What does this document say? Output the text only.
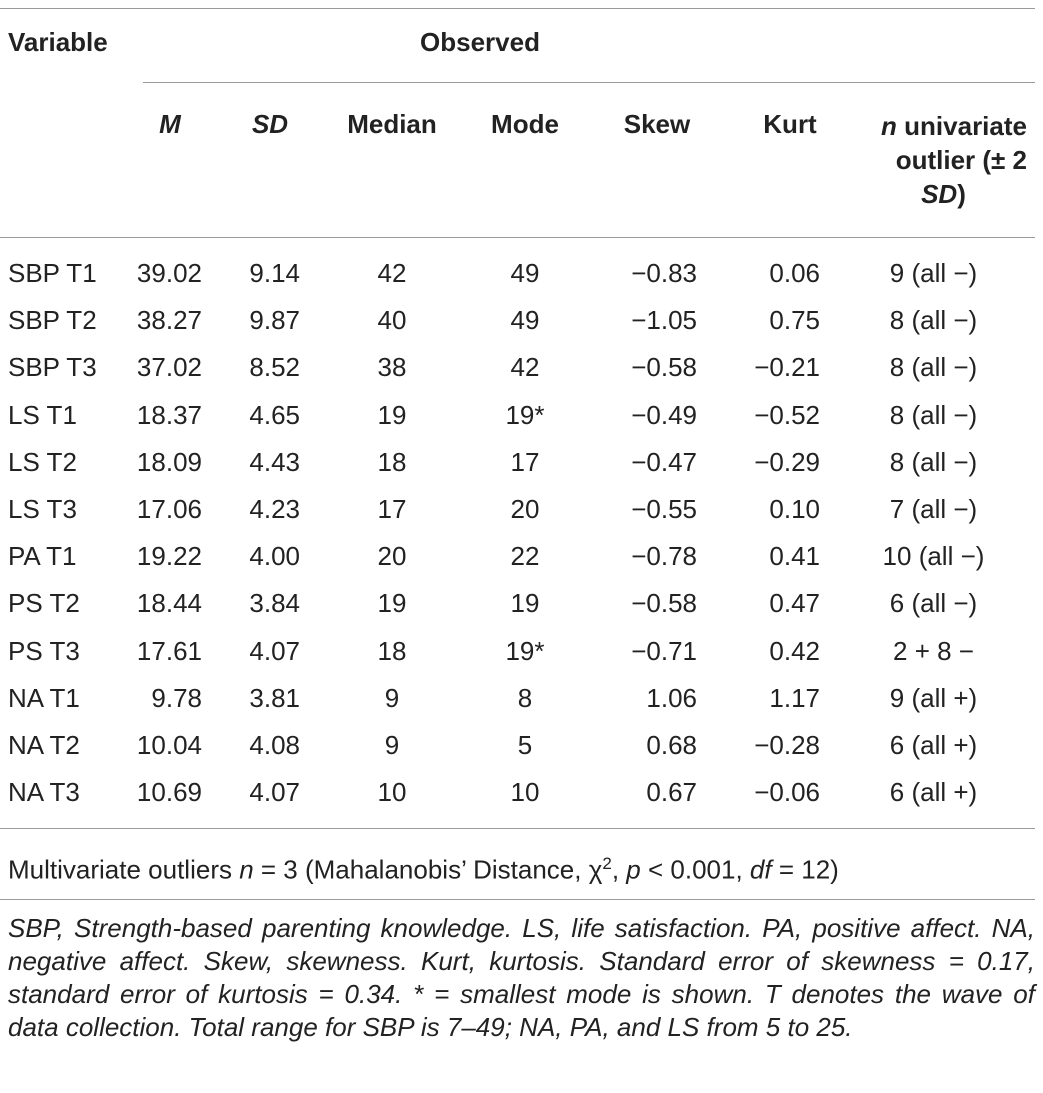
Variable	Observed
M	SD	Median	Mode	Skew	Kurt	n univariate
outlier (± 2
SD)
SBP T1	39.02	9.14	42	49	−0.83	0.06	9 (all −)
SBP T2	38.27	9.87	40	49	−1.05	0.75	8 (all −)
SBP T3	37.02	8.52	38	42	−0.58	−0.21	8 (all −)
LS T1	18.37	4.65	19	19*	−0.49	−0.52	8 (all −)
LS T2	18.09	4.43	18	17	−0.47	−0.29	8 (all −)
LS T3	17.06	4.23	17	20	−0.55	0.10	7 (all −)
PA T1	19.22	4.00	20	22	−0.78	0.41	10 (all −)
PS T2	18.44	3.84	19	19	−0.58	0.47	6 (all −)
PS T3	17.61	4.07	18	19*	−0.71	0.42	2 + 8 −
NA T1	9.78	3.81	9	8	1.06	1.17	9 (all +)
NA T2	10.04	4.08	9	5	0.68	−0.28	6 (all +)
NA T3	10.69	4.07	10	10	0.67	−0.06	6 (all +)
Multivariate outliers n = 3 (Mahalanobis’ Distance, $\chi^2$, p < 0.001, df = 12)
SBP, Strength-based parenting knowledge. LS, life satisfaction. PA, positive affect. NA, negative affect. Skew, skewness. Kurt, kurtosis. Standard error of skewness = 0.17, standard error of kurtosis = 0.34. * = smallest mode is shown. T denotes the wave of data collection. Total range for SBP is 7–49; NA, PA, and LS from 5 to 25.
